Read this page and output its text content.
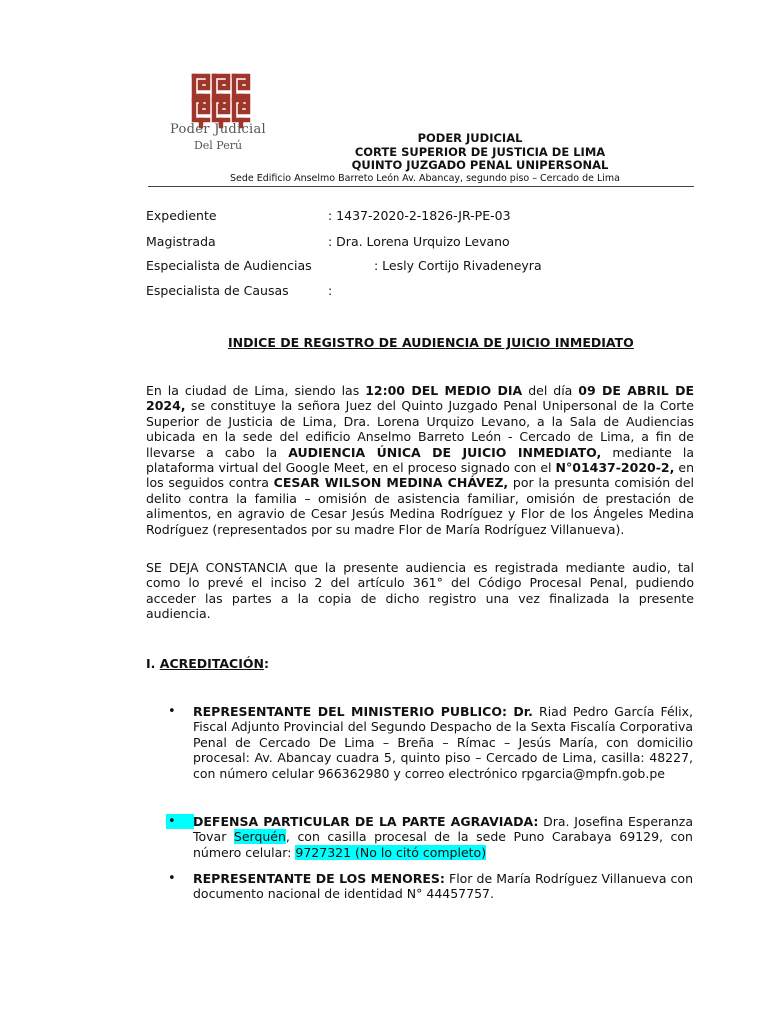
Poder Judicial
Del Perú
PODER JUDICIAL
CORTE SUPERIOR DE JUSTICIA DE LIMA
QUINTO JUZGADO PENAL UNIPERSONAL
Sede Edificio Anselmo Barreto León Av. Abancay, segundo piso – Cercado de Lima
Expediente	: 1437-2020-2-1826-JR-PE-03
Magistrada	: Dra. Lorena Urquizo Levano
Especialista de Audiencias	: Lesly Cortijo Rivadeneyra
Especialista de Causas	:
INDICE DE REGISTRO DE AUDIENCIA DE JUICIO INMEDIATO
En la ciudad de Lima, siendo las 12:00 DEL MEDIO DIA del día 09 DE ABRIL DE 2024, se constituye la señora Juez del Quinto Juzgado Penal Unipersonal de la Corte Superior de Justicia de Lima, Dra. Lorena Urquizo Levano, a la Sala de Audiencias ubicada en la sede del edificio Anselmo Barreto León - Cercado de Lima, a fin de llevarse a cabo la AUDIENCIA ÚNICA DE JUICIO INMEDIATO, mediante la plataforma virtual del Google Meet, en el proceso signado con el N°01437-2020-2, en los seguidos contra CESAR WILSON MEDINA CHÁVEZ, por la presunta comisión del delito contra la familia – omisión de asistencia familiar, omisión de prestación de alimentos, en agravio de Cesar Jesús Medina Rodríguez y Flor de los Ángeles Medina Rodríguez (representados por su madre Flor de María Rodríguez Villanueva).
SE DEJA CONSTANCIA que la presente audiencia es registrada mediante audio, tal como lo prevé el inciso 2 del artículo 361° del Código Procesal Penal, pudiendo acceder las partes a la copia de dicho registro una vez finalizada la presente audiencia.
I. ACREDITACIÓN:
• REPRESENTANTE DEL MINISTERIO PUBLICO: Dr. Riad Pedro García Félix, Fiscal Adjunto Provincial del Segundo Despacho de la Sexta Fiscalía Corporativa Penal de Cercado De Lima – Breña – Rímac – Jesús María, con domicilio procesal: Av. Abancay cuadra 5, quinto piso – Cercado de Lima, casilla: 48227, con número celular 966362980 y correo electrónico rpgarcia@mpfn.gob.pe
•	DEFENSA PARTICULAR DE LA PARTE AGRAVIADA: Dra. Josefina Esperanza Tovar Serquén, con casilla procesal de la sede Puno Carabaya 69129, con número celular: 9727321 (No lo citó completo)
• REPRESENTANTE DE LOS MENORES: Flor de María Rodríguez Villanueva con documento nacional de identidad N° 44457757.
